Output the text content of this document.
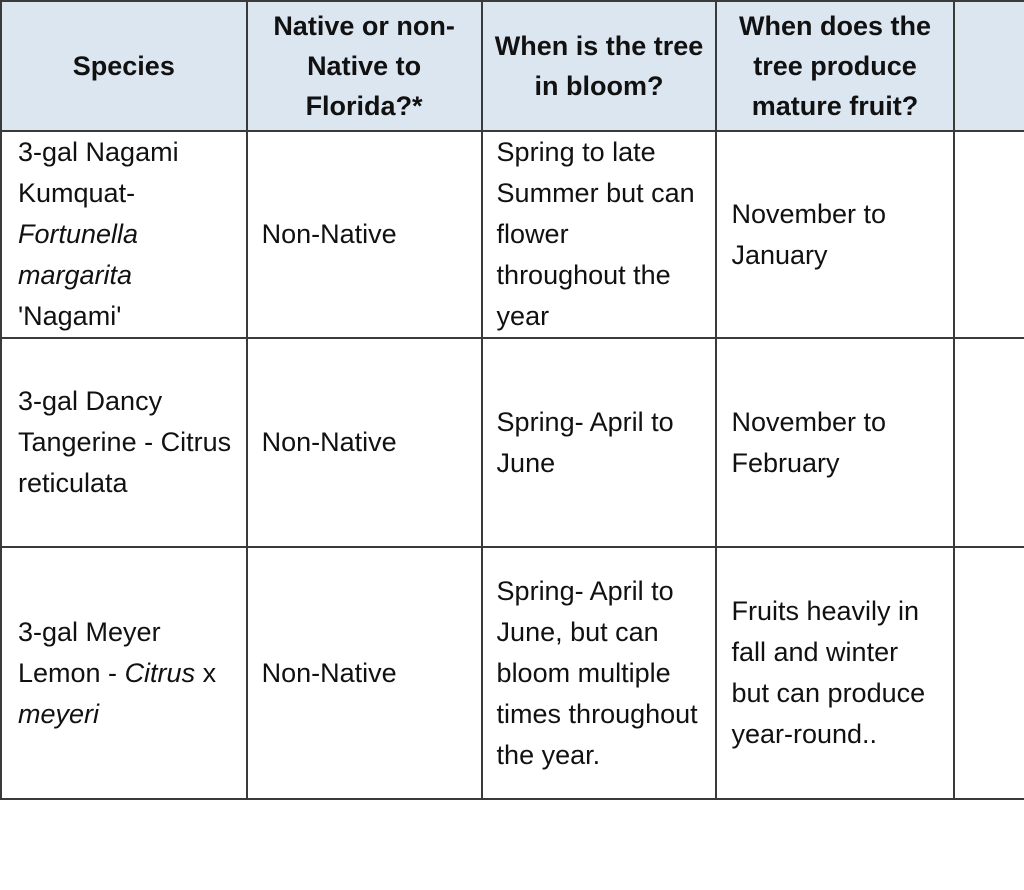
Species	Native or non-Native to Florida?*	When is the tree in bloom?	When does the tree produce mature fruit?	
3-gal Nagami Kumquat- Fortunella margarita 'Nagami'	Non-Native	Spring to late Summer but can flower throughout the year	November to January	
3-gal Dancy Tangerine - Citrus reticulata	Non-Native	Spring- April to June	November to February	
3-gal Meyer Lemon - Citrus x meyeri	Non-Native	Spring- April to June, but can bloom multiple times throughout the year.	Fruits heavily in fall and winter but can produce year-round..	
